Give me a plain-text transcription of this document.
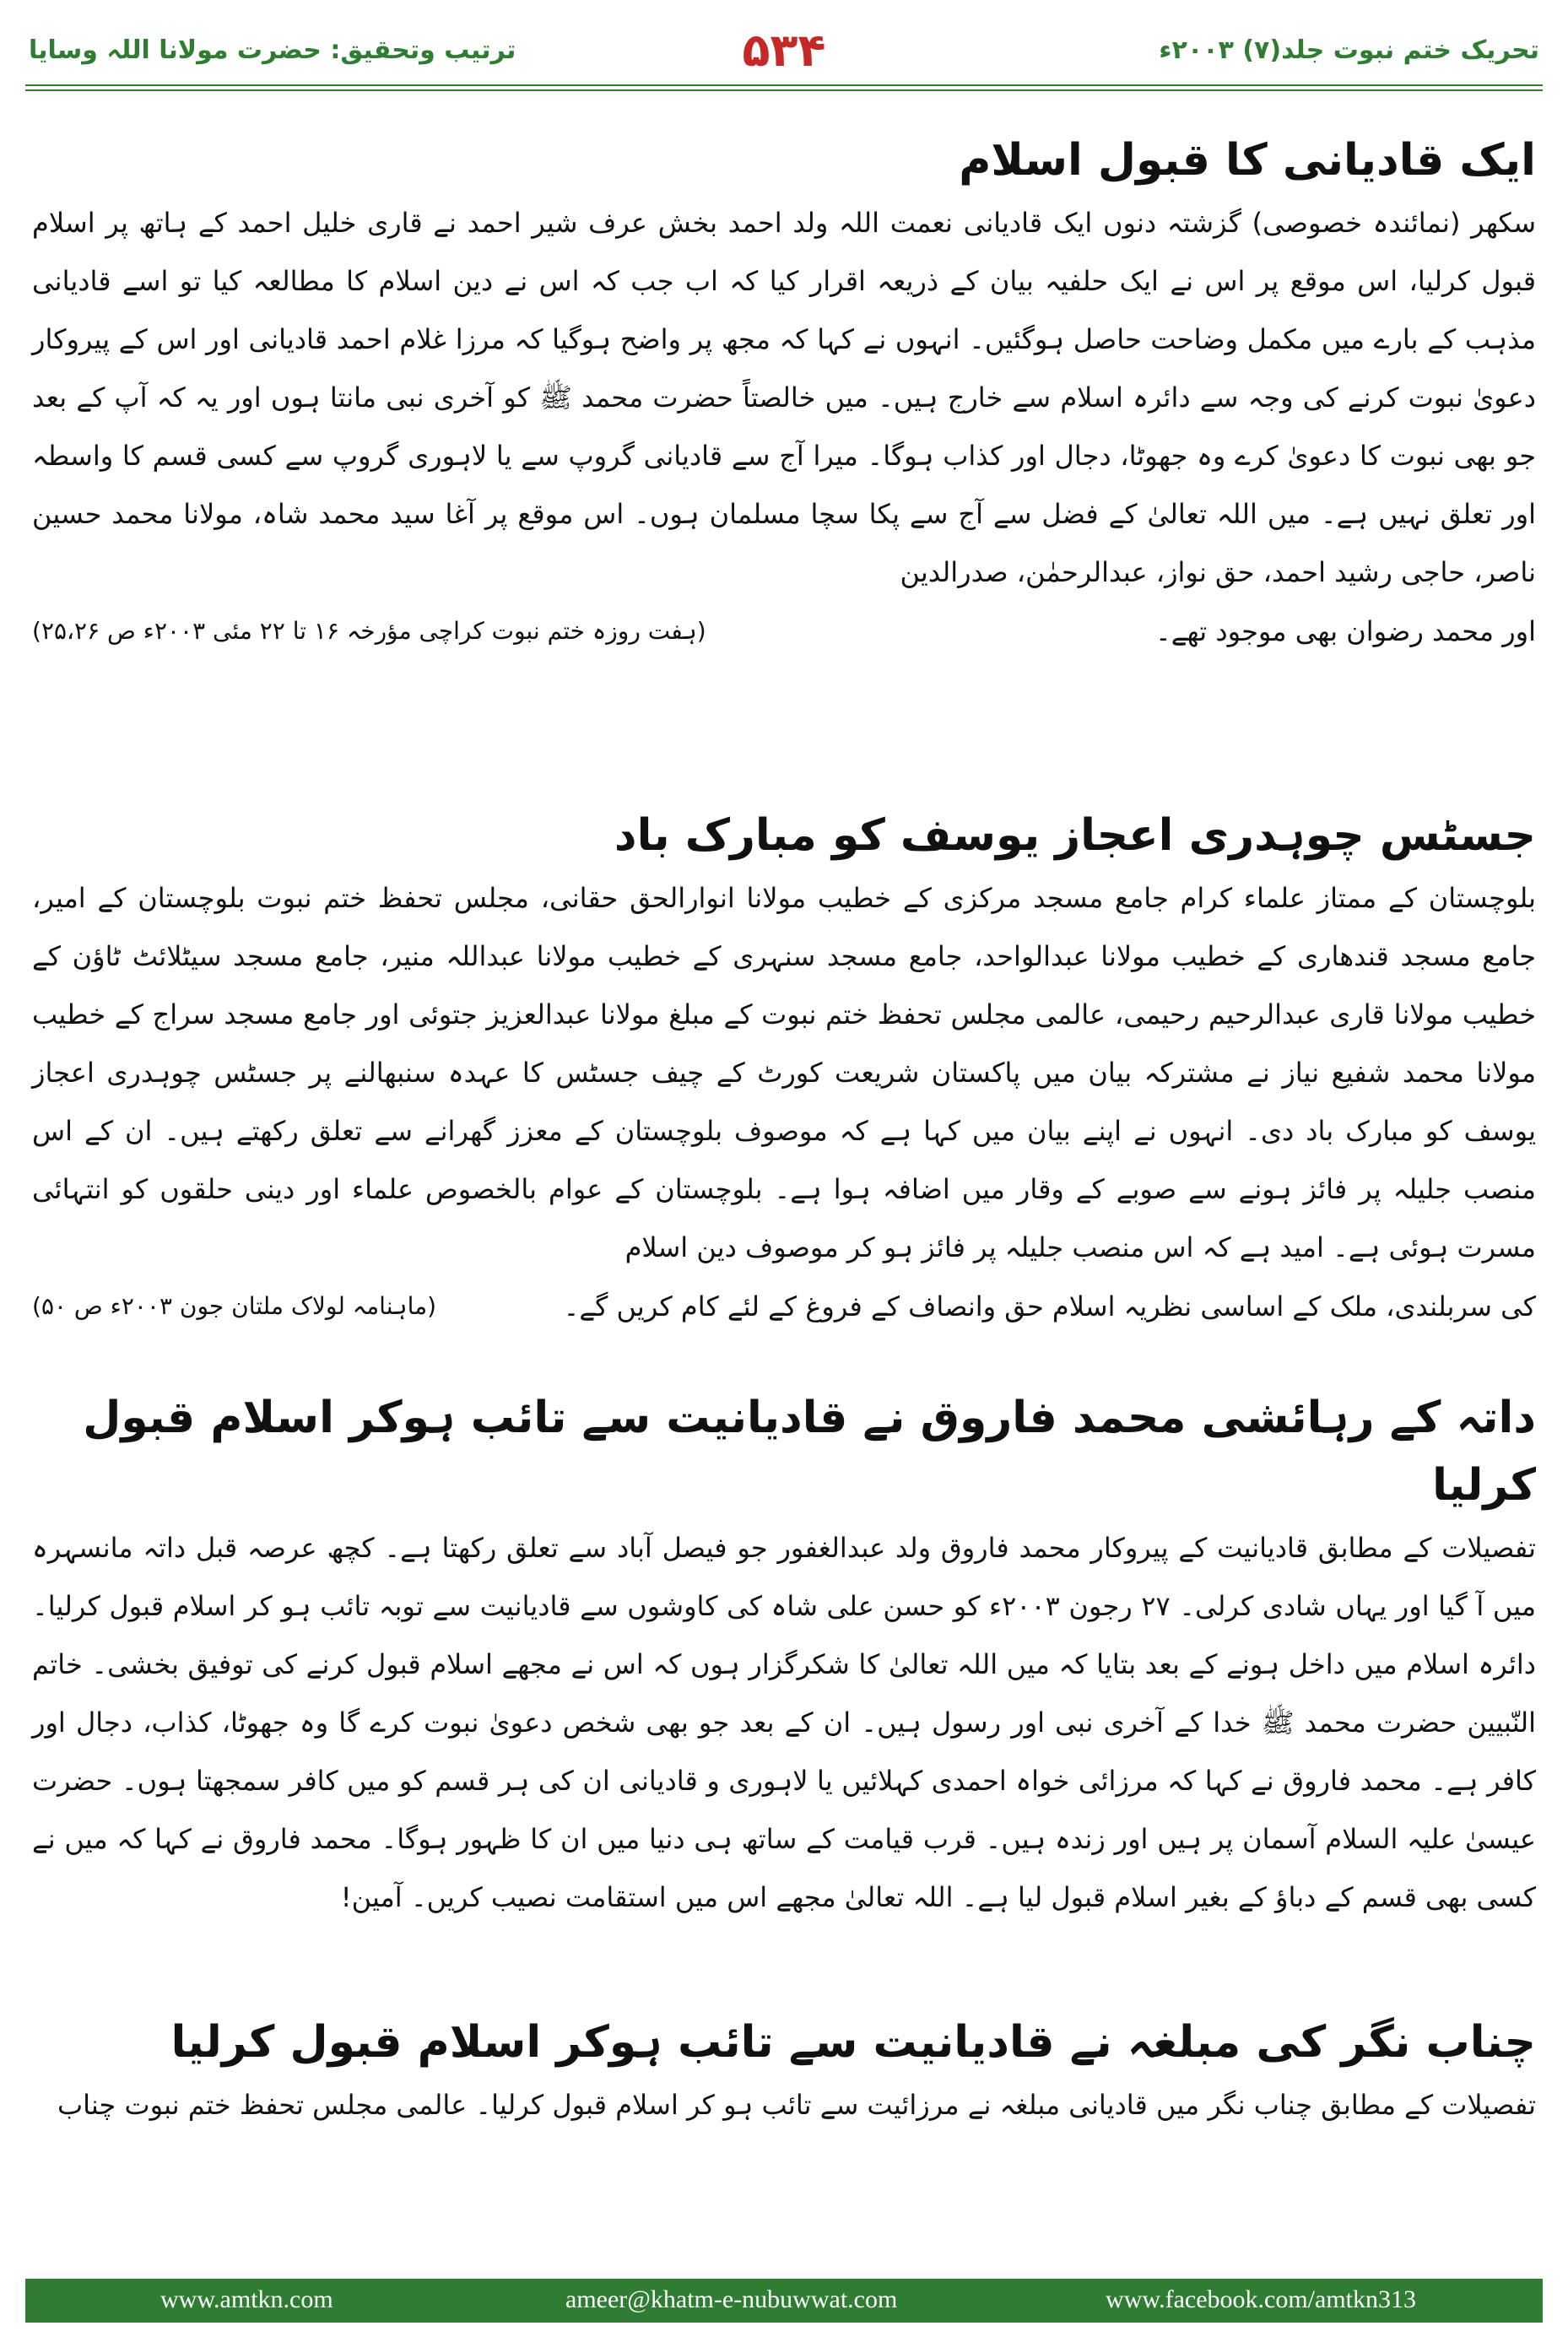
تحریک ختم نبوت جلد(۷) ۲۰۰۳ء
۵۳۴
ترتیب وتحقیق: حضرت مولانا اللہ وسایا
ایک قادیانی کا قبول اسلام

سکھر (نمائندہ خصوصی) گزشتہ دنوں ایک قادیانی نعمت اللہ ولد احمد بخش عرف شیر احمد نے قاری خلیل احمد کے ہاتھ پر اسلام قبول کرلیا، اس موقع پر اس نے ایک حلفیہ بیان کے ذریعہ اقرار کیا کہ اب جب کہ اس نے دین اسلام کا مطالعہ کیا تو اسے قادیانی مذہب کے بارے میں مکمل وضاحت حاصل ہوگئیں۔ انہوں نے کہا کہ مجھ پر واضح ہوگیا کہ مرزا غلام احمد قادیانی اور اس کے پیروکار دعویٰ نبوت کرنے کی وجہ سے دائرہ اسلام سے خارج ہیں۔ میں خالصتاً حضرت محمد ﷺ کو آخری نبی مانتا ہوں اور یہ کہ آپ کے بعد جو بھی نبوت کا دعویٰ کرے وہ جھوٹا، دجال اور کذاب ہوگا۔ میرا آج سے قادیانی گروپ سے یا لاہوری گروپ سے کسی قسم کا واسطہ اور تعلق نہیں ہے۔ میں اللہ تعالیٰ کے فضل سے آج سے پکا سچا مسلمان ہوں۔ اس موقع پر آغا سید محمد شاہ، مولانا محمد حسین ناصر، حاجی رشید احمد، حق نواز، عبدالرحمٰن، صدرالدین

اور محمد رضوان بھی موجود تھے۔
(ہفت روزہ ختم نبوت کراچی مؤرخہ ۱۶ تا ۲۲ مئی ۲۰۰۳ء ص ۲۵،۲۶)
جسٹس چوہدری اعجاز یوسف کو مبارک باد

بلوچستان کے ممتاز علماء کرام جامع مسجد مرکزی کے خطیب مولانا انوارالحق حقانی، مجلس تحفظ ختم نبوت بلوچستان کے امیر، جامع مسجد قندھاری کے خطیب مولانا عبدالواحد، جامع مسجد سنہری کے خطیب مولانا عبداللہ منیر، جامع مسجد سیٹلائٹ ٹاؤن کے خطیب مولانا قاری عبدالرحیم رحیمی، عالمی مجلس تحفظ ختم نبوت کے مبلغ مولانا عبدالعزیز جتوئی اور جامع مسجد سراج کے خطیب مولانا محمد شفیع نیاز نے مشترکہ بیان میں پاکستان شریعت کورٹ کے چیف جسٹس کا عہدہ سنبھالنے پر جسٹس چوہدری اعجاز یوسف کو مبارک باد دی۔ انہوں نے اپنے بیان میں کہا ہے کہ موصوف بلوچستان کے معزز گھرانے سے تعلق رکھتے ہیں۔ ان کے اس منصب جلیلہ پر فائز ہونے سے صوبے کے وقار میں اضافہ ہوا ہے۔ بلوچستان کے عوام بالخصوص علماء اور دینی حلقوں کو انتہائی مسرت ہوئی ہے۔ امید ہے کہ اس منصب جلیلہ پر فائز ہو کر موصوف دین اسلام

کی سربلندی، ملک کے اساسی نظریہ اسلام حق وانصاف کے فروغ کے لئے کام کریں گے۔
(ماہنامہ لولاک ملتان جون ۲۰۰۳ء ص ۵۰)
داتہ کے رہائشی محمد فاروق نے قادیانیت سے تائب ہوکر اسلام قبول کرلیا

تفصیلات کے مطابق قادیانیت کے پیروکار محمد فاروق ولد عبدالغفور جو فیصل آباد سے تعلق رکھتا ہے۔ کچھ عرصہ قبل داتہ مانسہرہ میں آ گیا اور یہاں شادی کرلی۔ ۲۷ رجون ۲۰۰۳ء کو حسن علی شاہ کی کاوشوں سے قادیانیت سے توبہ تائب ہو کر اسلام قبول کرلیا۔ دائرہ اسلام میں داخل ہونے کے بعد بتایا کہ میں اللہ تعالیٰ کا شکرگزار ہوں کہ اس نے مجھے اسلام قبول کرنے کی توفیق بخشی۔ خاتم النّبیین حضرت محمد ﷺ خدا کے آخری نبی اور رسول ہیں۔ ان کے بعد جو بھی شخص دعویٰ نبوت کرے گا وہ جھوٹا، کذاب، دجال اور کافر ہے۔ محمد فاروق نے کہا کہ مرزائی خواہ احمدی کہلائیں یا لاہوری و قادیانی ان کی ہر قسم کو میں کافر سمجھتا ہوں۔ حضرت عیسیٰ علیہ السلام آسمان پر ہیں اور زندہ ہیں۔ قرب قیامت کے ساتھ ہی دنیا میں ان کا ظہور ہوگا۔ محمد فاروق نے کہا کہ میں نے کسی بھی قسم کے دباؤ کے بغیر اسلام قبول لیا ہے۔ اللہ تعالیٰ مجھے اس میں استقامت نصیب کریں۔ آمین!

چناب نگر کی مبلغہ نے قادیانیت سے تائب ہوکر اسلام قبول کرلیا

تفصیلات کے مطابق چناب نگر میں قادیانی مبلغہ نے مرزائیت سے تائب ہو کر اسلام قبول کرلیا۔ عالمی مجلس تحفظ ختم نبوت چناب

www.amtkn.com	ameer@khatm-e-nubuwwat.com	www.facebook.com/amtkn313
